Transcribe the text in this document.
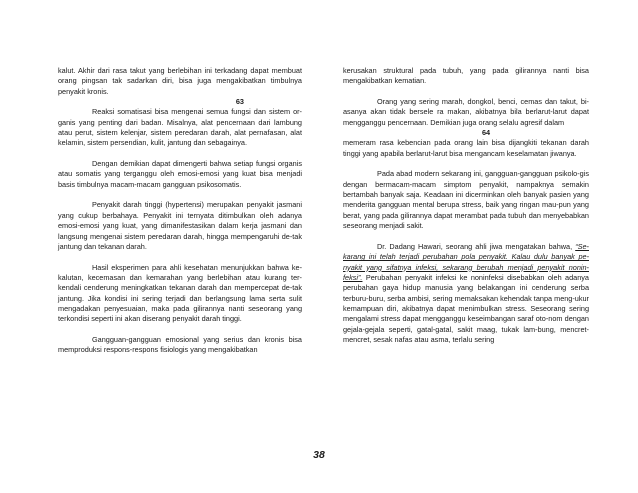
kalut. Akhir dari rasa takut yang berlebihan ini terkadang dapat membuat orang pingsan tak sadarkan diri, bisa juga mengakibatkan timbulnya penyakit kronis.

63

Reaksi somatisasi bisa mengenai semua fungsi dan sistem or-ganis yang penting dari badan. Misalnya, alat pencernaan dari lambung atau perut, sistem kelenjar, sistem peredaran darah, alat pernafasan, alat kelamin, sistem persendian, kulit, jantung dan sebagainya.

Dengan demikian dapat dimengerti bahwa setiap fungsi organis atau somatis yang terganggu oleh emosi-emosi yang kuat bisa menjadi basis timbulnya macam-macam gangguan psikosomatis.

Penyakit darah tinggi (hypertensi) merupakan penyakit jasmani yang cukup berbahaya. Penyakit ini ternyata ditimbulkan oleh adanya emosi-emosi yang kuat, yang dimanifestasikan dalam kerja jasmani dan langsung mengenai sistem peredaran darah, hingga mempengaruhi de-tak jantung dan tekanan darah.

Hasil eksperimen para ahli kesehatan menunjukkan bahwa ke-kalutan, kecemasan dan kemarahan yang berlebihan atau kurang ter-kendali cenderung meningkatkan tekanan darah dan mempercepat de-tak jantung. Jika kondisi ini sering terjadi dan berlangsung lama serta sulit mengadakan penyesuaian, maka pada gilirannya nanti seseorang yang terkondisi seperti ini akan diserang penyakit darah tinggi.

Gangguan-gangguan emosional yang serius dan kronis bisa memproduksi respons-respons fisiologis yang mengakibatkan

kerusakan struktural pada tubuh, yang pada gilirannya nanti bisa mengakibatkan kematian.

Orang yang sering marah, dongkol, benci, cemas dan takut, bi-asanya akan tidak bersele ra makan, akibatnya bila berlarut-larut dapat mengganggu pencernaan. Demikian juga orang selalu agresif dalam

64

memeram rasa kebencian pada orang lain bisa dijangkiti tekanan darah tinggi yang apabila berlarut-larut bisa mengancam keselamatan jiwanya.

Pada abad modern sekarang ini, gangguan-gangguan psikolo-gis dengan bermacam-macam simptom penyakit, nampaknya semakin bertambah banyak saja. Keadaan ini dicerminkan oleh banyak pasien yang menderita gangguan mental berupa stress, baik yang ringan mau-pun yang berat, yang pada gilirannya dapat merambat pada tubuh dan menyebabkan seseorang menjadi sakit.

Dr. Dadang Hawari, seorang ahli jiwa mengatakan bahwa, “Se-karang ini telah terjadi perubahan pola penyakit. Kalau dulu banyak pe-nyakit yang sifatnya infeksi, sekarang berubah menjadi penyakit nonin-feksi”. Perubahan penyakit infeksi ke noninfeksi disebabkan oleh adanya perubahan gaya hidup manusia yang belakangan ini cenderung serba terburu-buru, serba ambisi, sering memaksakan kehendak tanpa meng-ukur kemampuan diri, akibatnya dapat menimbulkan stress. Seseorang sering mengalami stress dapat mengganggu keseimbangan saraf oto-nom dengan gejala-gejala seperti, gatal-gatal, sakit maag, tukak lam-bung, mencret-mencret, sesak nafas atau asma, terlalu sering

38
